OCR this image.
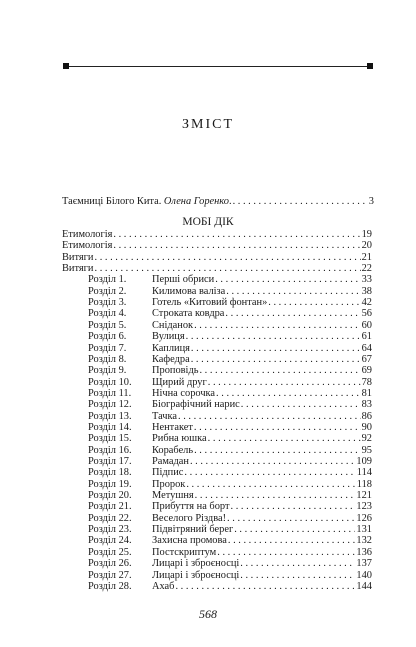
ЗМІСТ
Таємниці Білого Кита. Олена Горенко. . . .	3
МОБІ ДІК
Етимологія . . .	19
Етимологія . . .	20
Витяги . . .	21
Витяги . . .	22
Розділ 1. Перші обриси . . .	33
Розділ 2. Килимова валіза . . .	38
Розділ 3. Готель «Китовий фонтан» . . .	42
Розділ 4. Строката ковдра . . .	56
Розділ 5. Сніданок . . .	60
Розділ 6. Вулиця . . .	61
Розділ 7. Каплиця . . .	64
Розділ 8. Кафедра . . .	67
Розділ 9. Проповідь . . .	69
Розділ 10. Щирий друг . . .	78
Розділ 11. Нічна сорочка . . .	81
Розділ 12. Біографічний нарис . . .	83
Розділ 13. Тачка . . .	86
Розділ 14. Нентакет . . .	90
Розділ 15. Рибна юшка . . .	92
Розділ 16. Корабель . . .	95
Розділ 17. Рамадан . . .	109
Розділ 18. Підпис . . .	114
Розділ 19. Пророк . . .	118
Розділ 20. Метушня . . .	121
Розділ 21. Прибуття на борт . . .	123
Розділ 22. Веселого Різдва! . . .	126
Розділ 23. Підвітряний берег . . .	131
Розділ 24. Захисна промова . . .	132
Розділ 25. Постскриптум . . .	136
Розділ 26. Лицарі і зброєносці . . .	137
Розділ 27. Лицарі і зброєносці . . .	140
Розділ 28. Ахаб . . .	144
568
